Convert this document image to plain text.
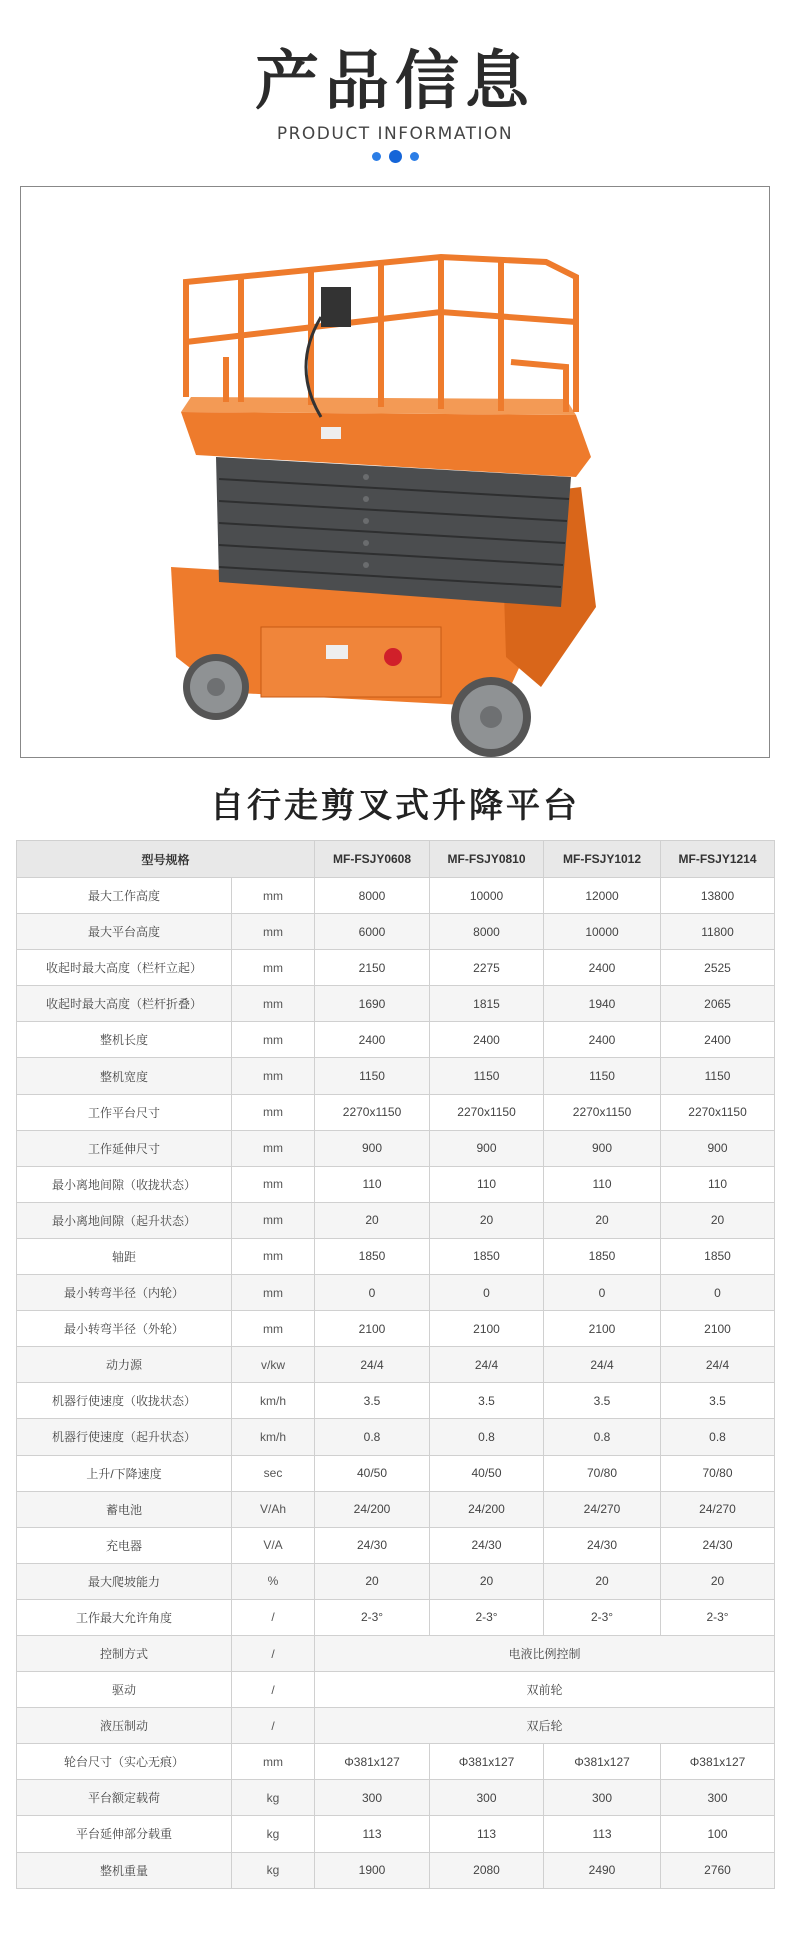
产品信息
PRODUCT INFORMATION
自行走剪叉式升降平台
型号规格		MF-FSJY0608	MF-FSJY0810	MF-FSJY1012	MF-FSJY1214
最大工作高度	mm	8000	10000	12000	13800
最大平台高度	mm	6000	8000	10000	11800
收起时最大高度（栏杆立起）	mm	2150	2275	2400	2525
收起时最大高度（栏杆折叠）	mm	1690	1815	1940	2065
整机长度	mm	2400	2400	2400	2400
整机宽度	mm	1150	1150	1150	1150
工作平台尺寸	mm	2270x1150	2270x1150	2270x1150	2270x1150
工作延伸尺寸	mm	900	900	900	900
最小离地间隙（收拢状态）	mm	110	110	110	110
最小离地间隙（起升状态）	mm	20	20	20	20
轴距	mm	1850	1850	1850	1850
最小转弯半径（内轮）	mm	0	0	0	0
最小转弯半径（外轮）	mm	2100	2100	2100	2100
动力源	v/kw	24/4	24/4	24/4	24/4
机器行使速度（收拢状态）	km/h	3.5	3.5	3.5	3.5
机器行使速度（起升状态）	km/h	0.8	0.8	0.8	0.8
上升/下降速度	sec	40/50	40/50	70/80	70/80
蓄电池	V/Ah	24/200	24/200	24/270	24/270
充电器	V/A	24/30	24/30	24/30	24/30
最大爬坡能力	%	20	20	20	20
工作最大允许角度	/	2-3°	2-3°	2-3°	2-3°
控制方式	/	电液比例控制			
驱动	/	双前轮			
液压制动	/	双后轮			
轮台尺寸（实心无痕）	mm	Φ381x127	Φ381x127	Φ381x127	Φ381x127
平台额定载荷	kg	300	300	300	300
平台延伸部分载重	kg	113	113	113	100
整机重量	kg	1900	2080	2490	2760
